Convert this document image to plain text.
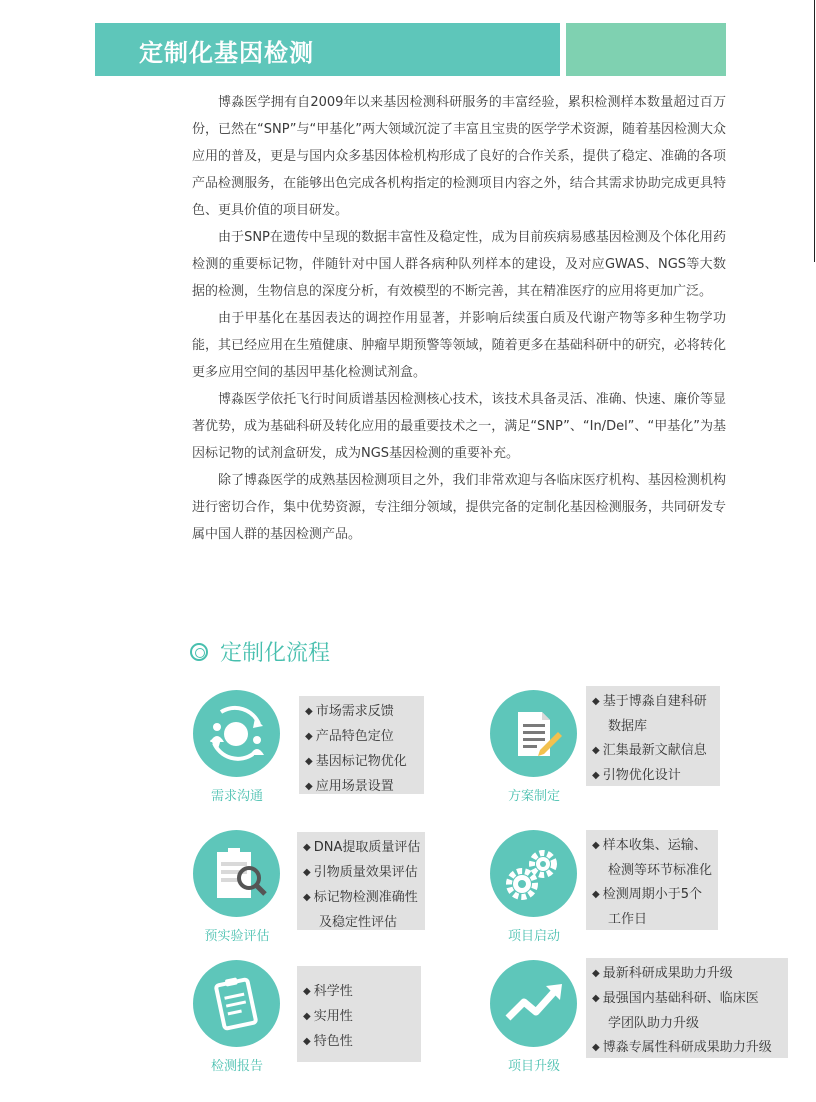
定制化基因检测

博淼医学拥有自2009年以来基因检测科研服务的丰富经验，累积检测样本数量超过百万份，已然在“SNP”与“甲基化”两大领域沉淀了丰富且宝贵的医学学术资源，随着基因检测大众应用的普及，更是与国内众多基因体检机构形成了良好的合作关系，提供了稳定、准确的各项产品检测服务，在能够出色完成各机构指定的检测项目内容之外，结合其需求协助完成更具特色、更具价值的项目研发。

由于SNP在遗传中呈现的数据丰富性及稳定性，成为目前疾病易感基因检测及个体化用药检测的重要标记物，伴随针对中国人群各病种队列样本的建设，及对应GWAS、NGS等大数据的检测，生物信息的深度分析，有效模型的不断完善，其在精准医疗的应用将更加广泛。

由于甲基化在基因表达的调控作用显著，并影响后续蛋白质及代谢产物等多种生物学功能，其已经应用在生殖健康、肿瘤早期预警等领域，随着更多在基础科研中的研究，必将转化更多应用空间的基因甲基化检测试剂盒。

博淼医学依托飞行时间质谱基因检测核心技术，该技术具备灵活、准确、快速、廉价等显著优势，成为基础科研及转化应用的最重要技术之一，满足“SNP”、“In/Del”、“甲基化”为基因标记物的试剂盒研发，成为NGS基因检测的重要补充。

除了博淼医学的成熟基因检测项目之外，我们非常欢迎与各临床医疗机构、基因检测机构进行密切合作，集中优势资源，专注细分领域，提供完备的定制化基因检测服务，共同研发专属中国人群的基因检测产品。

定制化流程
需求沟通
◆ 市场需求反馈
◆ 产品特色定位
◆ 基因标记物优化
◆ 应用场景设置
方案制定
◆ 基于博淼自建科研
数据库
◆ 汇集最新文献信息
◆ 引物优化设计
预实验评估
◆ DNA提取质量评估
◆ 引物质量效果评估
◆ 标记物检测准确性
及稳定性评估
项目启动
◆ 样本收集、运输、
检测等环节标准化
◆ 检测周期小于5个
工作日
检测报告
◆ 科学性
◆ 实用性
◆ 特色性
项目升级
◆ 最新科研成果助力升级
◆ 最强国内基础科研、临床医
学团队助力升级
◆ 博淼专属性科研成果助力升级
